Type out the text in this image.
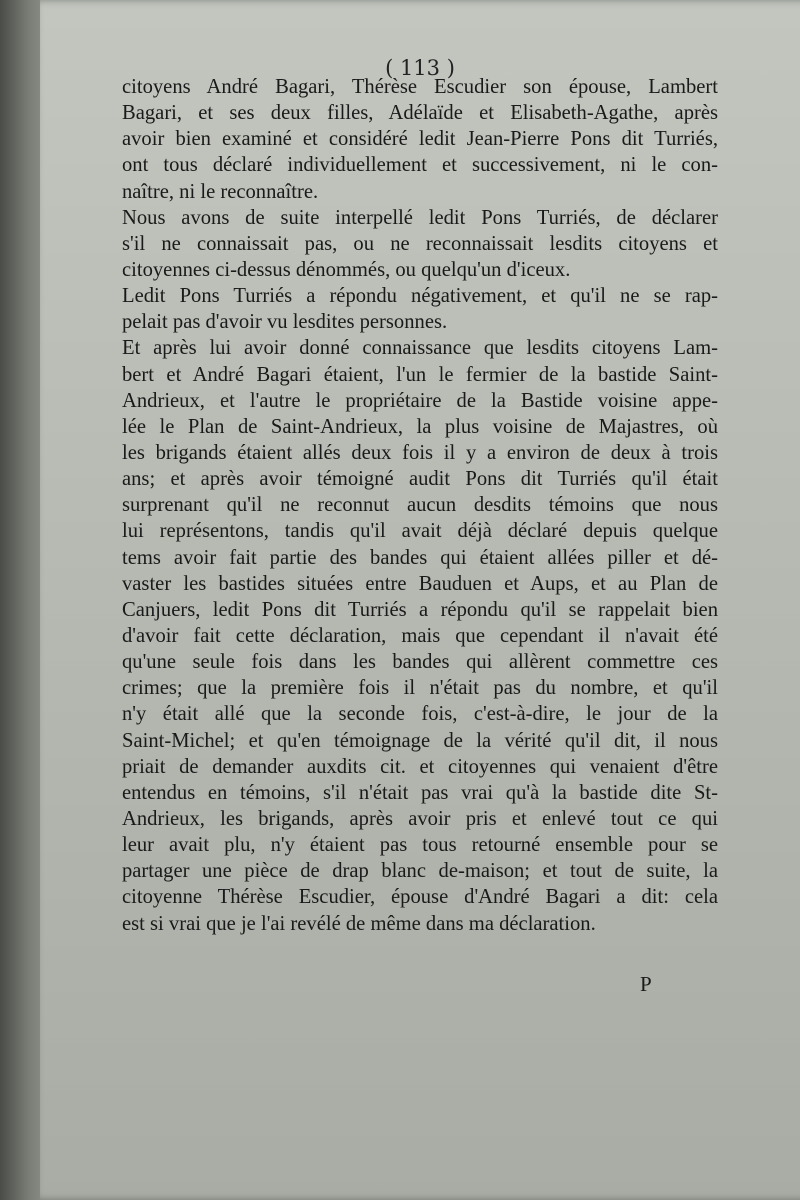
( 113 )
citoyens André Bagari, Thérèse Escudier son épouse, Lambert
Bagari, et ses deux filles, Adélaïde et Elisabeth-Agathe, après
avoir bien examiné et considéré ledit Jean-Pierre Pons dit Turriés,
ont tous déclaré individuellement et successivement, ni le con-
naître, ni le reconnaître.
Nous avons de suite interpellé ledit Pons Turriés, de déclarer
s'il ne connaissait pas, ou ne reconnaissait lesdits citoyens et
citoyennes ci-dessus dénommés, ou quelqu'un d'iceux.
Ledit Pons Turriés a répondu négativement, et qu'il ne se rap-
pelait pas d'avoir vu lesdites personnes.
Et après lui avoir donné connaissance que lesdits citoyens Lam-
bert et André Bagari étaient, l'un le fermier de la bastide Saint-
Andrieux, et l'autre le propriétaire de la Bastide voisine appe-
lée le Plan de Saint-Andrieux, la plus voisine de Majastres, où
les brigands étaient allés deux fois il y a environ de deux à trois
ans; et après avoir témoigné audit Pons dit Turriés qu'il était
surprenant qu'il ne reconnut aucun desdits témoins que nous
lui représentons, tandis qu'il avait déjà déclaré depuis quelque
tems avoir fait partie des bandes qui étaient allées piller et dé-
vaster les bastides situées entre Bauduen et Aups, et au Plan de
Canjuers, ledit Pons dit Turriés a répondu qu'il se rappelait bien
d'avoir fait cette déclaration, mais que cependant il n'avait été
qu'une seule fois dans les bandes qui allèrent commettre ces
crimes; que la première fois il n'était pas du nombre, et qu'il
n'y était allé que la seconde fois, c'est-à-dire, le jour de la
Saint-Michel; et qu'en témoignage de la vérité qu'il dit, il nous
priait de demander auxdits cit. et citoyennes qui venaient d'être
entendus en témoins, s'il n'était pas vrai qu'à la bastide dite St-
Andrieux, les brigands, après avoir pris et enlevé tout ce qui
leur avait plu, n'y étaient pas tous retourné ensemble pour se
partager une pièce de drap blanc de-maison; et tout de suite, la
citoyenne Thérèse Escudier, épouse d'André Bagari a dit: cela
est si vrai que je l'ai revélé de même dans ma déclaration.
P
